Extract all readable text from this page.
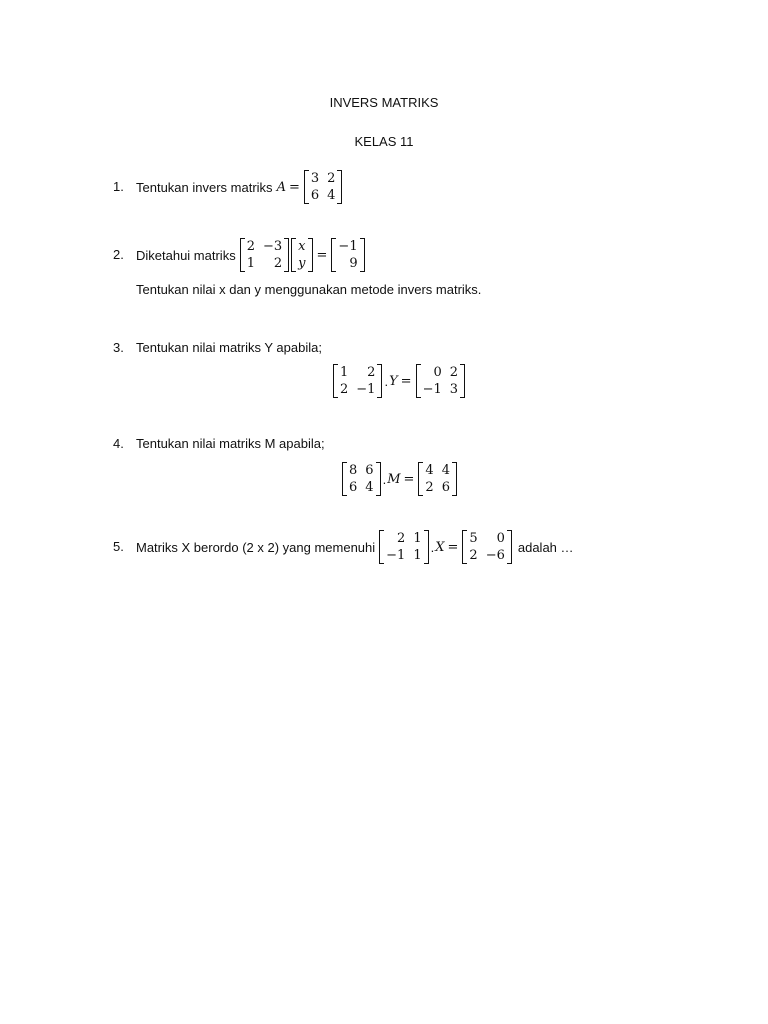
INVERS MATRIKS
KELAS 11
1. Tentukan invers matriks A =
3 2
6 4
2. Diketahui matriks
2 −3
1	2
x
y
=
−1
9
Tentukan nilai x dan y menggunakan metode invers matriks.
3. Tentukan nilai matriks Y apabila;
1	2
2 −1
. Y =
0 2
−1 3
4. Tentukan nilai matriks M apabila;
8 6
6 4
. M =
4 4
2 6
5. Matriks X berordo (2 x 2) yang memenuhi
2 1
−1 1
. X =
5	0
2 −6
adalah …
